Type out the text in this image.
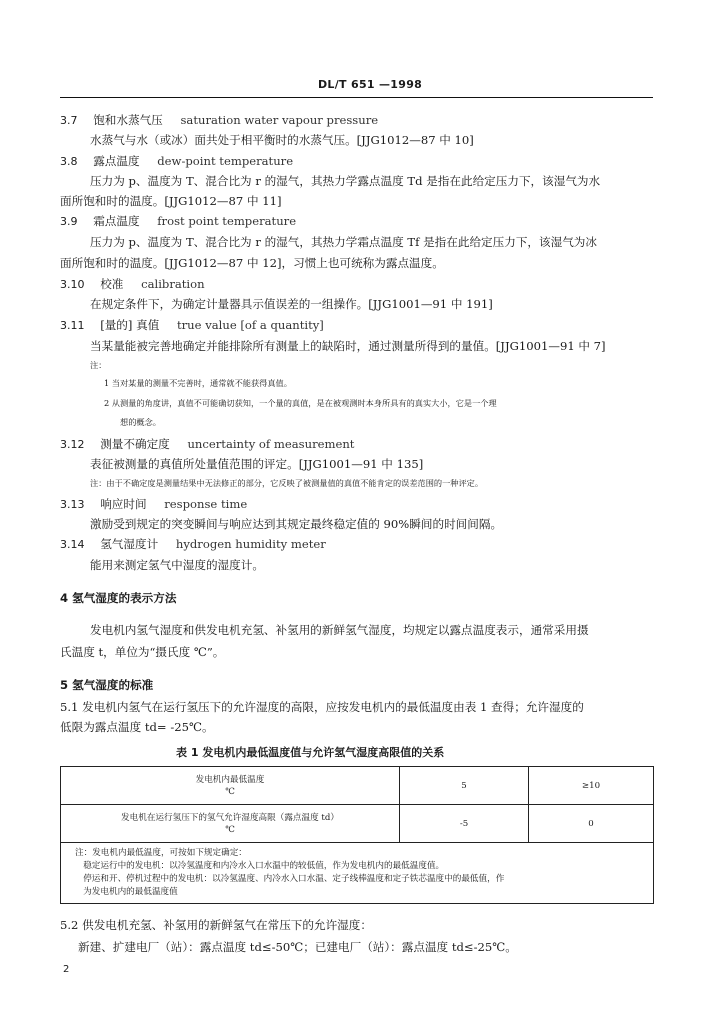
DL/T 651 —1998
3.7 饱和水蒸气压 saturation water vapour pressure
水蒸气与水（或冰）面共处于相平衡时的水蒸气压。[JJG1012—87 中 10]
3.8 露点温度 dew-point temperature
压力为 p、温度为 T、混合比为 r 的湿气，其热力学露点温度 Td 是指在此给定压力下，该湿气为水
面所饱和时的温度。[JJG1012—87 中 11]
3.9 霜点温度 frost point temperature
压力为 p、温度为 T、混合比为 r 的湿气，其热力学霜点温度 Tf 是指在此给定压力下，该湿气为冰
面所饱和时的温度。[JJG1012—87 中 12]，习惯上也可统称为露点温度。
3.10 校准 calibration
在规定条件下，为确定计量器具示值误差的一组操作。[JJG1001—91 中 191]
3.11 [量的] 真值 true value [of a quantity]
当某量能被完善地确定并能排除所有测量上的缺陷时，通过测量所得到的量值。[JJG1001—91 中 7]
注：
1 当对某量的测量不完善时，通常就不能获得真值。
2 从测量的角度讲，真值不可能确切获知，一个量的真值，是在被观测时本身所具有的真实大小，它是一个理
想的概念。
3.12 测量不确定度 uncertainty of measurement
表征被测量的真值所处量值范围的评定。[JJG1001—91 中 135]
注：由于不确定度是测量结果中无法修正的部分，它反映了被测量值的真值不能肯定的误差范围的一种评定。
3.13 响应时间 response time
激励受到规定的突变瞬间与响应达到其规定最终稳定值的 90%瞬间的时间间隔。
3.14 氢气湿度计 hydrogen humidity meter
能用来测定氢气中湿度的湿度计。
4 氢气湿度的表示方法
发电机内氢气湿度和供发电机充氢、补氢用的新鲜氢气湿度，均规定以露点温度表示，通常采用摄
氏温度 t，单位为“摄氏度 ℃”。
5 氢气湿度的标准
5.1 发电机内氢气在运行氢压下的允许湿度的高限，应按发电机内的最低温度由表 1 查得；允许湿度的
低限为露点温度 td= -25℃。
表 1 发电机内最低温度值与允许氢气湿度高限值的关系
发电机内最低温度
℃	5	≥10

发电机在运行氢压下的氢气允许湿度高限（露点温度 td）
℃	-5	0

注：发电机内最低温度，可按如下规定确定：
稳定运行中的发电机：以冷氢温度和内冷水入口水温中的较低值，作为发电机内的最低温度值。
停运和开、停机过程中的发电机：以冷氢温度、内冷水入口水温、定子线棒温度和定子铁芯温度中的最低值，作
为发电机内的最低温度值		
5.2 供发电机充氢、补氢用的新鲜氢气在常压下的允许湿度：
新建、扩建电厂（站）：露点温度 td≤-50℃；已建电厂（站）：露点温度 td≤-25℃。
2
